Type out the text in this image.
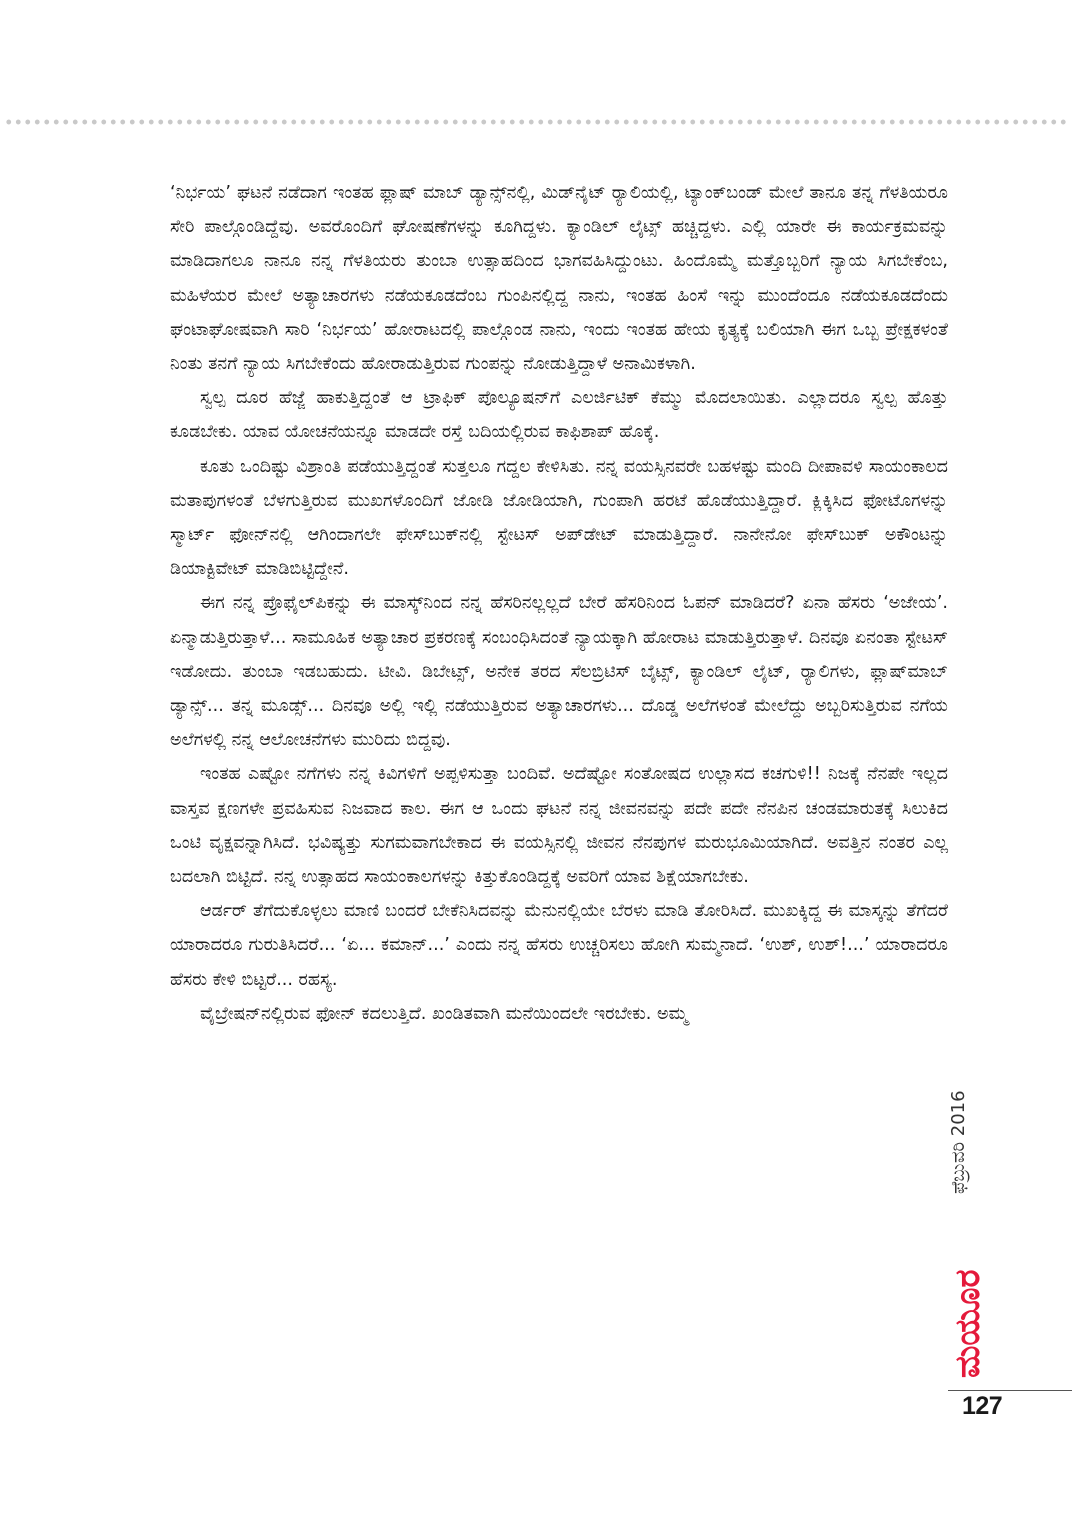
‘ನಿರ್ಭಯ’ ಘಟನೆ ನಡೆದಾಗ ಇಂತಹ ಫ್ಲಾಷ್ ಮಾಬ್ ಡ್ಯಾನ್ಸ್‌ನಲ್ಲಿ, ಮಿಡ್‌ನೈಟ್ ರ್‍ಯಾಲಿಯಲ್ಲಿ, ಟ್ಯಾಂಕ್‌ಬಂಡ್ ಮೇಲೆ ತಾನೂ ತನ್ನ ಗೆಳತಿಯರೂ ಸೇರಿ ಪಾಲ್ಗೊಂಡಿದ್ದೆವು. ಅವರೊಂದಿಗೆ ಘೋಷಣೆಗಳನ್ನು ಕೂಗಿದ್ದಳು. ಕ್ಯಾಂಡಿಲ್ ಲೈಟ್ಸ್ ಹಚ್ಚಿದ್ದಳು. ಎಲ್ಲಿ ಯಾರೇ ಈ ಕಾರ್ಯಕ್ರಮವನ್ನು ಮಾಡಿದಾಗಲೂ ನಾನೂ ನನ್ನ ಗೆಳತಿಯರು ತುಂಬಾ ಉತ್ಸಾಹದಿಂದ ಭಾಗವಹಿಸಿದ್ದುಂಟು. ಹಿಂದೊಮ್ಮೆ ಮತ್ತೊಬ್ಬರಿಗೆ ನ್ಯಾಯ ಸಿಗಬೇಕೆಂಬ, ಮಹಿಳೆಯರ ಮೇಲೆ ಅತ್ಯಾಚಾರಗಳು ನಡೆಯಕೂಡದೆಂಬ ಗುಂಪಿನಲ್ಲಿದ್ದ ನಾನು, ಇಂತಹ ಹಿಂಸೆ ಇನ್ನು ಮುಂದೆಂದೂ ನಡೆಯಕೂಡದೆಂದು ಘಂಟಾಘೋಷವಾಗಿ ಸಾರಿ ‘ನಿರ್ಭಯ’ ಹೋರಾಟದಲ್ಲಿ ಪಾಲ್ಗೊಂಡ ನಾನು, ಇಂದು ಇಂತಹ ಹೇಯ ಕೃತ್ಯಕ್ಕೆ ಬಲಿಯಾಗಿ ಈಗ ಒಬ್ಬ ಪ್ರೇಕ್ಷಕಳಂತೆ ನಿಂತು ತನಗೆ ನ್ಯಾಯ ಸಿಗಬೇಕೆಂದು ಹೋರಾಡುತ್ತಿರುವ ಗುಂಪನ್ನು ನೋಡುತ್ತಿದ್ದಾಳೆ ಅನಾಮಿಕಳಾಗಿ.

ಸ್ವಲ್ಪ ದೂರ ಹೆಜ್ಜೆ ಹಾಕುತ್ತಿದ್ದಂತೆ ಆ ಟ್ರಾಫಿಕ್ ಪೊಲ್ಯೂಷನ್‌ಗೆ ಎಲರ್ಜಿಟಿಕ್ ಕೆಮ್ಮು ಮೊದಲಾಯಿತು. ಎಲ್ಲಾದರೂ ಸ್ವಲ್ಪ ಹೊತ್ತು ಕೂಡಬೇಕು. ಯಾವ ಯೋಚನೆಯನ್ನೂ ಮಾಡದೇ ರಸ್ತೆ ಬದಿಯಲ್ಲಿರುವ ಕಾಫಿಶಾಪ್ ಹೊಕ್ಕೆ.

ಕೂತು ಒಂದಿಷ್ಟು ವಿಶ್ರಾಂತಿ ಪಡೆಯುತ್ತಿದ್ದಂತೆ ಸುತ್ತಲೂ ಗದ್ದಲ ಕೇಳಿಸಿತು. ನನ್ನ ವಯಸ್ಸಿನವರೇ ಬಹಳಷ್ಟು ಮಂದಿ ದೀಪಾವಳಿ ಸಾಯಂಕಾಲದ ಮತಾಪುಗಳಂತೆ ಬೆಳಗುತ್ತಿರುವ ಮುಖಗಳೊಂದಿಗೆ ಜೋಡಿ ಜೋಡಿಯಾಗಿ, ಗುಂಪಾಗಿ ಹರಟೆ ಹೊಡೆಯುತ್ತಿದ್ದಾರೆ. ಕ್ಲಿಕ್ಕಿಸಿದ ಫೋಟೊಗಳನ್ನು ಸ್ಮಾರ್ಟ್ ಫೋನ್‌ನಲ್ಲಿ ಆಗಿಂದಾಗಲೇ ಫೇಸ್‌ಬುಕ್‌ನಲ್ಲಿ ಸ್ಟೇಟಸ್ ಅಪ್‌ಡೇಟ್ ಮಾಡುತ್ತಿದ್ದಾರೆ. ನಾನೇನೋ ಫೇಸ್‌ಬುಕ್ ಅಕೌಂಟನ್ನು ಡಿಯಾಕ್ಟಿವೇಟ್ ಮಾಡಿಬಿಟ್ಟಿದ್ದೇನೆ.

ಈಗ ನನ್ನ ಪ್ರೊಫೈಲ್‌ಪಿಕನ್ನು ಈ ಮಾಸ್ಕ್‌ನಿಂದ ನನ್ನ ಹೆಸರಿನಲ್ಲಲ್ಲದೆ ಬೇರೆ ಹೆಸರಿನಿಂದ ಓಪನ್ ಮಾಡಿದರೆ? ಏನಾ ಹೆಸರು ‘ಅಜೇಯ’. ಏನ್ಮಾಡುತ್ತಿರುತ್ತಾಳೆ... ಸಾಮೂಹಿಕ ಅತ್ಯಾಚಾರ ಪ್ರಕರಣಕ್ಕೆ ಸಂಬಂಧಿಸಿದಂತೆ ನ್ಯಾಯಕ್ಕಾಗಿ ಹೋರಾಟ ಮಾಡುತ್ತಿರುತ್ತಾಳೆ. ದಿನವೂ ಏನಂತಾ ಸ್ಟೇಟಸ್ ಇಡೋದು. ತುಂಬಾ ಇಡಬಹುದು. ಟೀವಿ. ಡಿಬೇಟ್ಸ್, ಅನೇಕ ತರದ ಸೆಲಬ್ರಿಟಿಸ್ ಬೈಟ್ಸ್, ಕ್ಯಾಂಡಿಲ್ ಲೈಟ್, ರ್‍ಯಾಲಿಗಳು, ಫ್ಲಾಷ್‌ಮಾಬ್ ಡ್ಯಾನ್ಸ್... ತನ್ನ ಮೂಡ್ಸ್... ದಿನವೂ ಅಲ್ಲಿ ಇಲ್ಲಿ ನಡೆಯುತ್ತಿರುವ ಅತ್ಯಾಚಾರಗಳು... ದೊಡ್ಡ ಅಲೆಗಳಂತೆ ಮೇಲೆದ್ದು ಅಬ್ಬರಿಸುತ್ತಿರುವ ನಗೆಯ ಅಲೆಗಳಲ್ಲಿ ನನ್ನ ಆಲೋಚನೆಗಳು ಮುರಿದು ಬಿದ್ದವು.

ಇಂತಹ ಎಷ್ಟೋ ನಗೆಗಳು ನನ್ನ ಕಿವಿಗಳಿಗೆ ಅಪ್ಪಳಿಸುತ್ತಾ ಬಂದಿವೆ. ಅದೆಷ್ಟೋ ಸಂತೋಷದ ಉಲ್ಲಾಸದ ಕಚಗುಳಿ!! ನಿಜಕ್ಕೆ ನೆನಪೇ ಇಲ್ಲದ ವಾಸ್ತವ ಕ್ಷಣಗಳೇ ಪ್ರವಹಿಸುವ ನಿಜವಾದ ಕಾಲ. ಈಗ ಆ ಒಂದು ಘಟನೆ ನನ್ನ ಜೀವನವನ್ನು ಪದೇ ಪದೇ ನೆನಪಿನ ಚಂಡಮಾರುತಕ್ಕೆ ಸಿಲುಕಿದ ಒಂಟಿ ವೃಕ್ಷವನ್ನಾಗಿಸಿದೆ. ಭವಿಷ್ಯತ್ತು ಸುಗಮವಾಗಬೇಕಾದ ಈ ವಯಸ್ಸಿನಲ್ಲಿ ಜೀವನ ನೆನಪುಗಳ ಮರುಭೂಮಿಯಾಗಿದೆ. ಅವತ್ತಿನ ನಂತರ ಎಲ್ಲ ಬದಲಾಗಿ ಬಿಟ್ಟಿದೆ. ನನ್ನ ಉತ್ಸಾಹದ ಸಾಯಂಕಾಲಗಳನ್ನು ಕಿತ್ತುಕೊಂಡಿದ್ದಕ್ಕೆ ಅವರಿಗೆ ಯಾವ ಶಿಕ್ಷೆಯಾಗಬೇಕು.

ಆರ್ಡರ್ ತೆಗೆದುಕೊಳ್ಳಲು ಮಾಣಿ ಬಂದರೆ ಬೇಕೆನಿಸಿದವನ್ನು ಮೆನುನಲ್ಲಿಯೇ ಬೆರಳು ಮಾಡಿ ತೋರಿಸಿದೆ. ಮುಖಕ್ಕಿದ್ದ ಈ ಮಾಸ್ಕನ್ನು ತೆಗೆದರೆ ಯಾರಾದರೂ ಗುರುತಿಸಿದರೆ... ‘ಏ... ಕಮಾನ್...’ ಎಂದು ನನ್ನ ಹೆಸರು ಉಚ್ಚರಿಸಲು ಹೋಗಿ ಸುಮ್ಮನಾದೆ. ‘ಉಶ್, ಉಶ್!...’ ಯಾರಾದರೂ ಹೆಸರು ಕೇಳಿ ಬಿಟ್ಟರೆ... ರಹಸ್ಯ.

ವೈಬ್ರೇಷನ್‌ನಲ್ಲಿರುವ ಫೋನ್ ಕದಲುತ್ತಿದೆ. ಖಂಡಿತವಾಗಿ ಮನೆಯಿಂದಲೇ ಇರಬೇಕು. ಅಮ್ಮ

ಫೆಬ್ರುವರಿ 2016
ಮಯೂರ
127
